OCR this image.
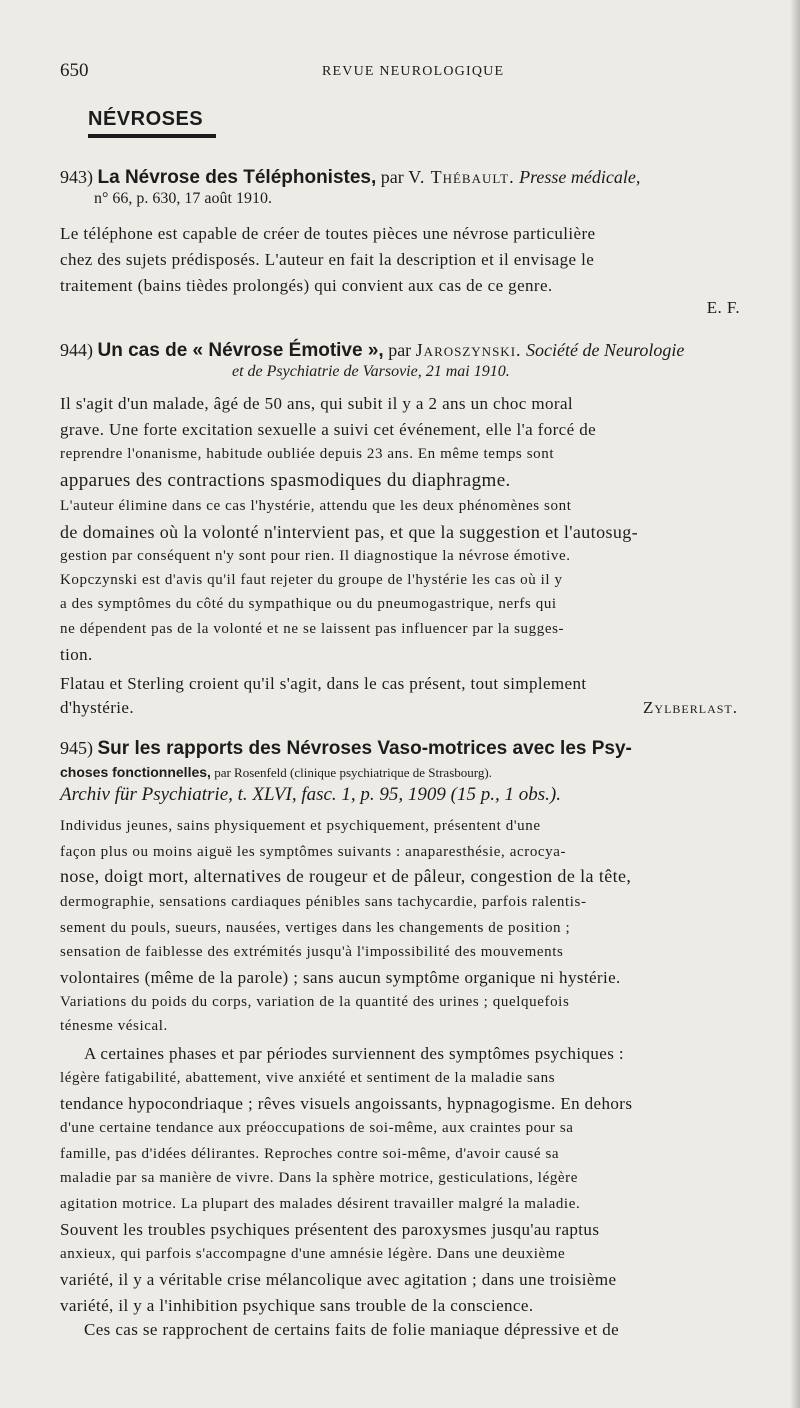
650	REVUE NEUROLOGIQUE
NÉVROSES
943) La Névrose des Téléphonistes, par V. Thébault. Presse médicale,
n° 66, p. 630, 17 août 1910.
Le téléphone est capable de créer de toutes pièces une névrose particulière
chez des sujets prédisposés. L'auteur en fait la description et il envisage le
traitement (bains tièdes prolongés) qui convient aux cas de ce genre.
E. F.
944) Un cas de « Névrose Émotive », par Jaroszynski. Société de Neurologie
et de Psychiatrie de Varsovie, 21 mai 1910.
Il s'agit d'un malade, âgé de 50 ans, qui subit il y a 2 ans un choc moral
grave. Une forte excitation sexuelle a suivi cet événement, elle l'a forcé de
reprendre l'onanisme, habitude oubliée depuis 23 ans. En même temps sont
apparues des contractions spasmodiques du diaphragme.
L'auteur élimine dans ce cas l'hystérie, attendu que les deux phénomènes sont
de domaines où la volonté n'intervient pas, et que la suggestion et l'autosug-
gestion par conséquent n'y sont pour rien. Il diagnostique la névrose émotive.
Kopczynski est d'avis qu'il faut rejeter du groupe de l'hystérie les cas où il y
a des symptômes du côté du sympathique ou du pneumogastrique, nerfs qui
ne dépendent pas de la volonté et ne se laissent pas influencer par la sugges-
tion.
Flatau et Sterling croient qu'il s'agit, dans le cas présent, tout simplement
d'hystérie.	Zylberlast.
945) Sur les rapports des Névroses Vaso-motrices avec les Psy-
choses fonctionnelles, par Rosenfeld (clinique psychiatrique de Strasbourg).
Archiv für Psychiatrie, t. XLVI, fasc. 1, p. 95, 1909 (15 p., 1 obs.).
Individus jeunes, sains physiquement et psychiquement, présentent d'une
façon plus ou moins aiguë les symptômes suivants : anaparesthésie, acrocya-
nose, doigt mort, alternatives de rougeur et de pâleur, congestion de la tête,
dermographie, sensations cardiaques pénibles sans tachycardie, parfois ralentis-
sement du pouls, sueurs, nausées, vertiges dans les changements de position ;
sensation de faiblesse des extrémités jusqu'à l'impossibilité des mouvements
volontaires (même de la parole) ; sans aucun symptôme organique ni hystérie.
Variations du poids du corps, variation de la quantité des urines ; quelquefois
ténesme vésical.
A certaines phases et par périodes surviennent des symptômes psychiques :
légère fatigabilité, abattement, vive anxiété et sentiment de la maladie sans
tendance hypocondriaque ; rêves visuels angoissants, hypnagogisme. En dehors
d'une certaine tendance aux préoccupations de soi-même, aux craintes pour sa
famille, pas d'idées délirantes. Reproches contre soi-même, d'avoir causé sa
maladie par sa manière de vivre. Dans la sphère motrice, gesticulations, légère
agitation motrice. La plupart des malades désirent travailler malgré la maladie.
Souvent les troubles psychiques présentent des paroxysmes jusqu'au raptus
anxieux, qui parfois s'accompagne d'une amnésie légère. Dans une deuxième
variété, il y a véritable crise mélancolique avec agitation ; dans une troisième
variété, il y a l'inhibition psychique sans trouble de la conscience.
Ces cas se rapprochent de certains faits de folie maniaque dépressive et de
